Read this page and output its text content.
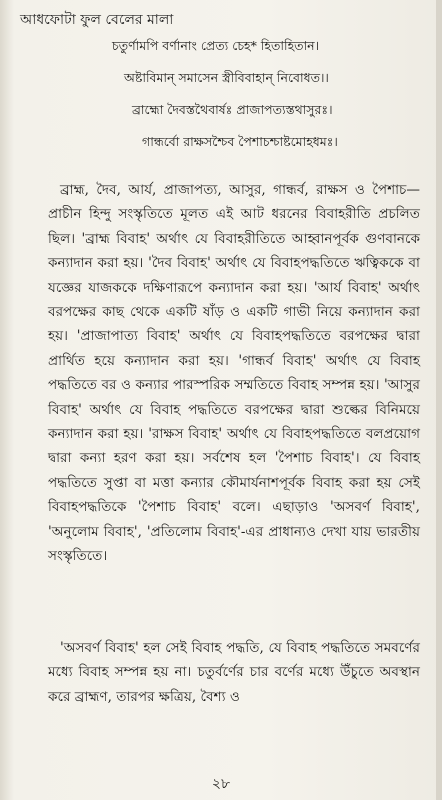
আধফোটা ফুল বেলের মালা
চতুর্ণামপি বর্ণানাং প্রেত্য চেহ* হিতাহিতান।
অষ্টাবিমান্ সমাসেন স্ত্রীবিবাহান্ নিবোধত।।
ব্রাহ্মো দৈবস্তথৈবার্ষঃ প্রাজাপত্যস্তথাসুরঃ।
গান্ধর্বো রাক্ষসশ্চৈব পৈশাচশ্চাষ্টমোহধমঃ।

ব্রাহ্ম, দৈব, আর্য, প্রাজাপত্য, আসুর, গান্ধর্ব, রাক্ষস ও পৈশাচ— প্রাচীন হিন্দু সংস্কৃতিতে মূলত এই আট ধরনের বিবাহরীতি প্রচলিত ছিল। 'ব্রাহ্ম বিবাহ' অর্থাৎ যে বিবাহরীতিতে আহ্বানপূর্বক গুণবানকে কন্যাদান করা হয়। 'দৈব বিবাহ' অর্থাৎ যে বিবাহপদ্ধতিতে ঋত্বিককে বা যজ্ঞের যাজককে দক্ষিণারূপে কন্যাদান করা হয়। 'আর্য বিবাহ' অর্থাৎ বরপক্ষের কাছ থেকে একটি ষাঁড় ও একটি গাভী নিয়ে কন্যাদান করা হয়। 'প্রাজাপাত্য বিবাহ' অর্থাৎ যে বিবাহপদ্ধতিতে বরপক্ষের দ্বারা প্রার্থিত হয়ে কন্যাদান করা হয়। 'গান্ধর্ব বিবাহ' অর্থাৎ যে বিবাহ পদ্ধতিতে বর ও কন্যার পারস্পরিক সম্মতিতে বিবাহ সম্পন্ন হয়। 'আসুর বিবাহ' অর্থাৎ যে বিবাহ পদ্ধতিতে বরপক্ষের দ্বারা শুল্কের বিনিময়ে কন্যাদান করা হয়। 'রাক্ষস বিবাহ' অর্থাৎ যে বিবাহপদ্ধতিতে বলপ্রয়োগ দ্বারা কন্যা হরণ করা হয়। সর্বশেষ হল 'পৈশাচ বিবাহ'। যে বিবাহ পদ্ধতিতে সুপ্তা বা মত্তা কন্যার কৌমার্যনাশপূর্বক বিবাহ করা হয় সেই বিবাহপদ্ধতিকে 'পৈশাচ বিবাহ' বলে। এছাড়াও 'অসবর্ণ বিবাহ', 'অনুলোম বিবাহ', 'প্রতিলোম বিবাহ'-এর প্রাধান্যও দেখা যায় ভারতীয় সংস্কৃতিতে।

'অসবর্ণ বিবাহ' হল সেই বিবাহ পদ্ধতি, যে বিবাহ পদ্ধতিতে সমবর্ণের মধ্যে বিবাহ সম্পন্ন হয় না। চতুর্বর্ণের চার বর্ণের মধ্যে উঁচুতে অবস্থান করে ব্রাহ্মণ, তারপর ক্ষত্রিয়, বৈশ্য ও

২৮
